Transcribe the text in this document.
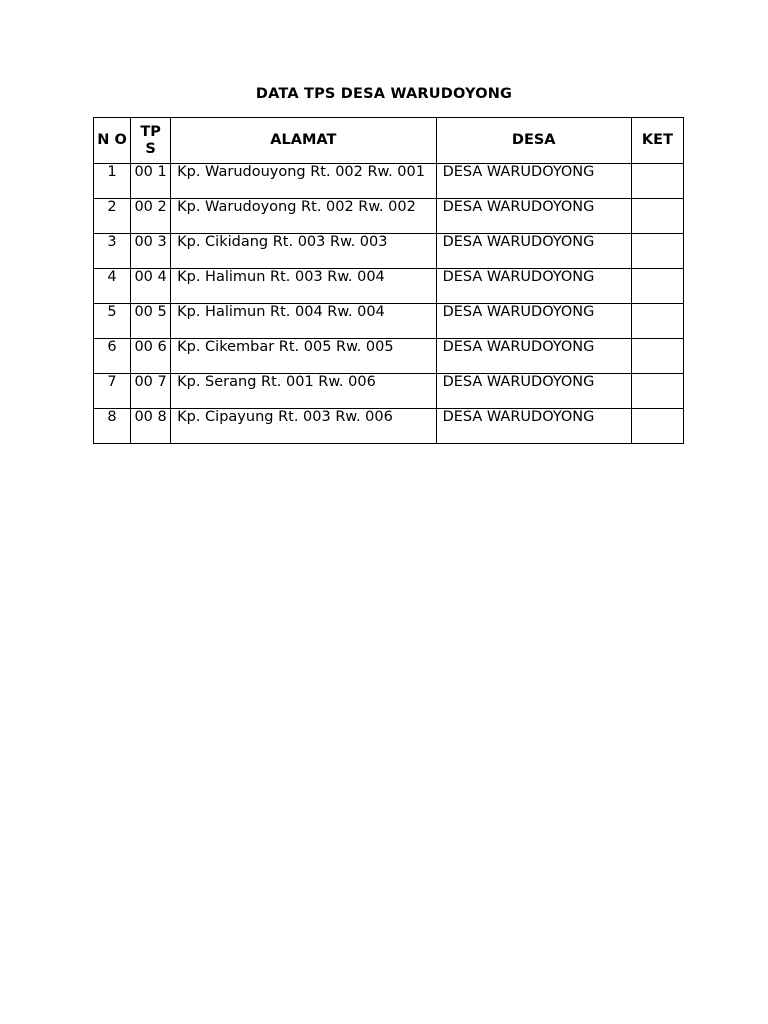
DATA TPS DESA WARUDOYONG
N O	TP S	ALAMAT	DESA	KET
1	00 1	Kp. Warudouyong Rt. 002 Rw. 001	DESA WARUDOYONG	
2	00 2	Kp. Warudoyong Rt. 002 Rw. 002	DESA WARUDOYONG	
3	00 3	Kp. Cikidang Rt. 003 Rw. 003	DESA WARUDOYONG	
4	00 4	Kp. Halimun Rt. 003 Rw. 004	DESA WARUDOYONG	
5	00 5	Kp. Halimun Rt. 004 Rw. 004	DESA WARUDOYONG	
6	00 6	Kp. Cikembar Rt. 005 Rw. 005	DESA WARUDOYONG	
7	00 7	Kp. Serang Rt. 001 Rw. 006	DESA WARUDOYONG	
8	00 8	Kp. Cipayung Rt. 003 Rw. 006	DESA WARUDOYONG	
